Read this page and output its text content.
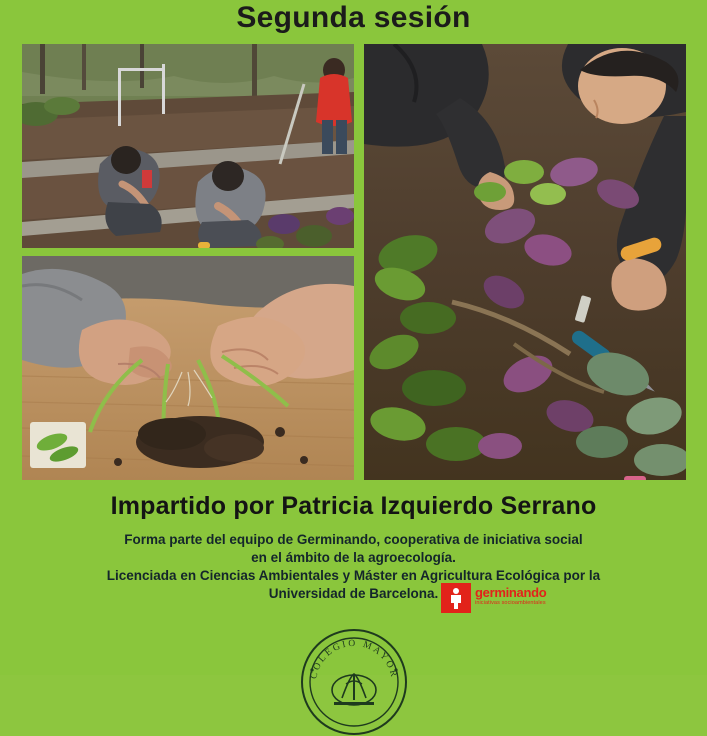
Segunda sesión
Impartido por Patricia Izquierdo Serrano
Forma parte del equipo de Germinando, cooperativa de iniciativa social
en el ámbito de la agroecología.
Licenciada en Ciencias Ambientales y Máster en Agricultura Ecológica por la
Universidad de Barcelona.	germinando
iniciativas socioambientales
COLEGIO MAYOR
